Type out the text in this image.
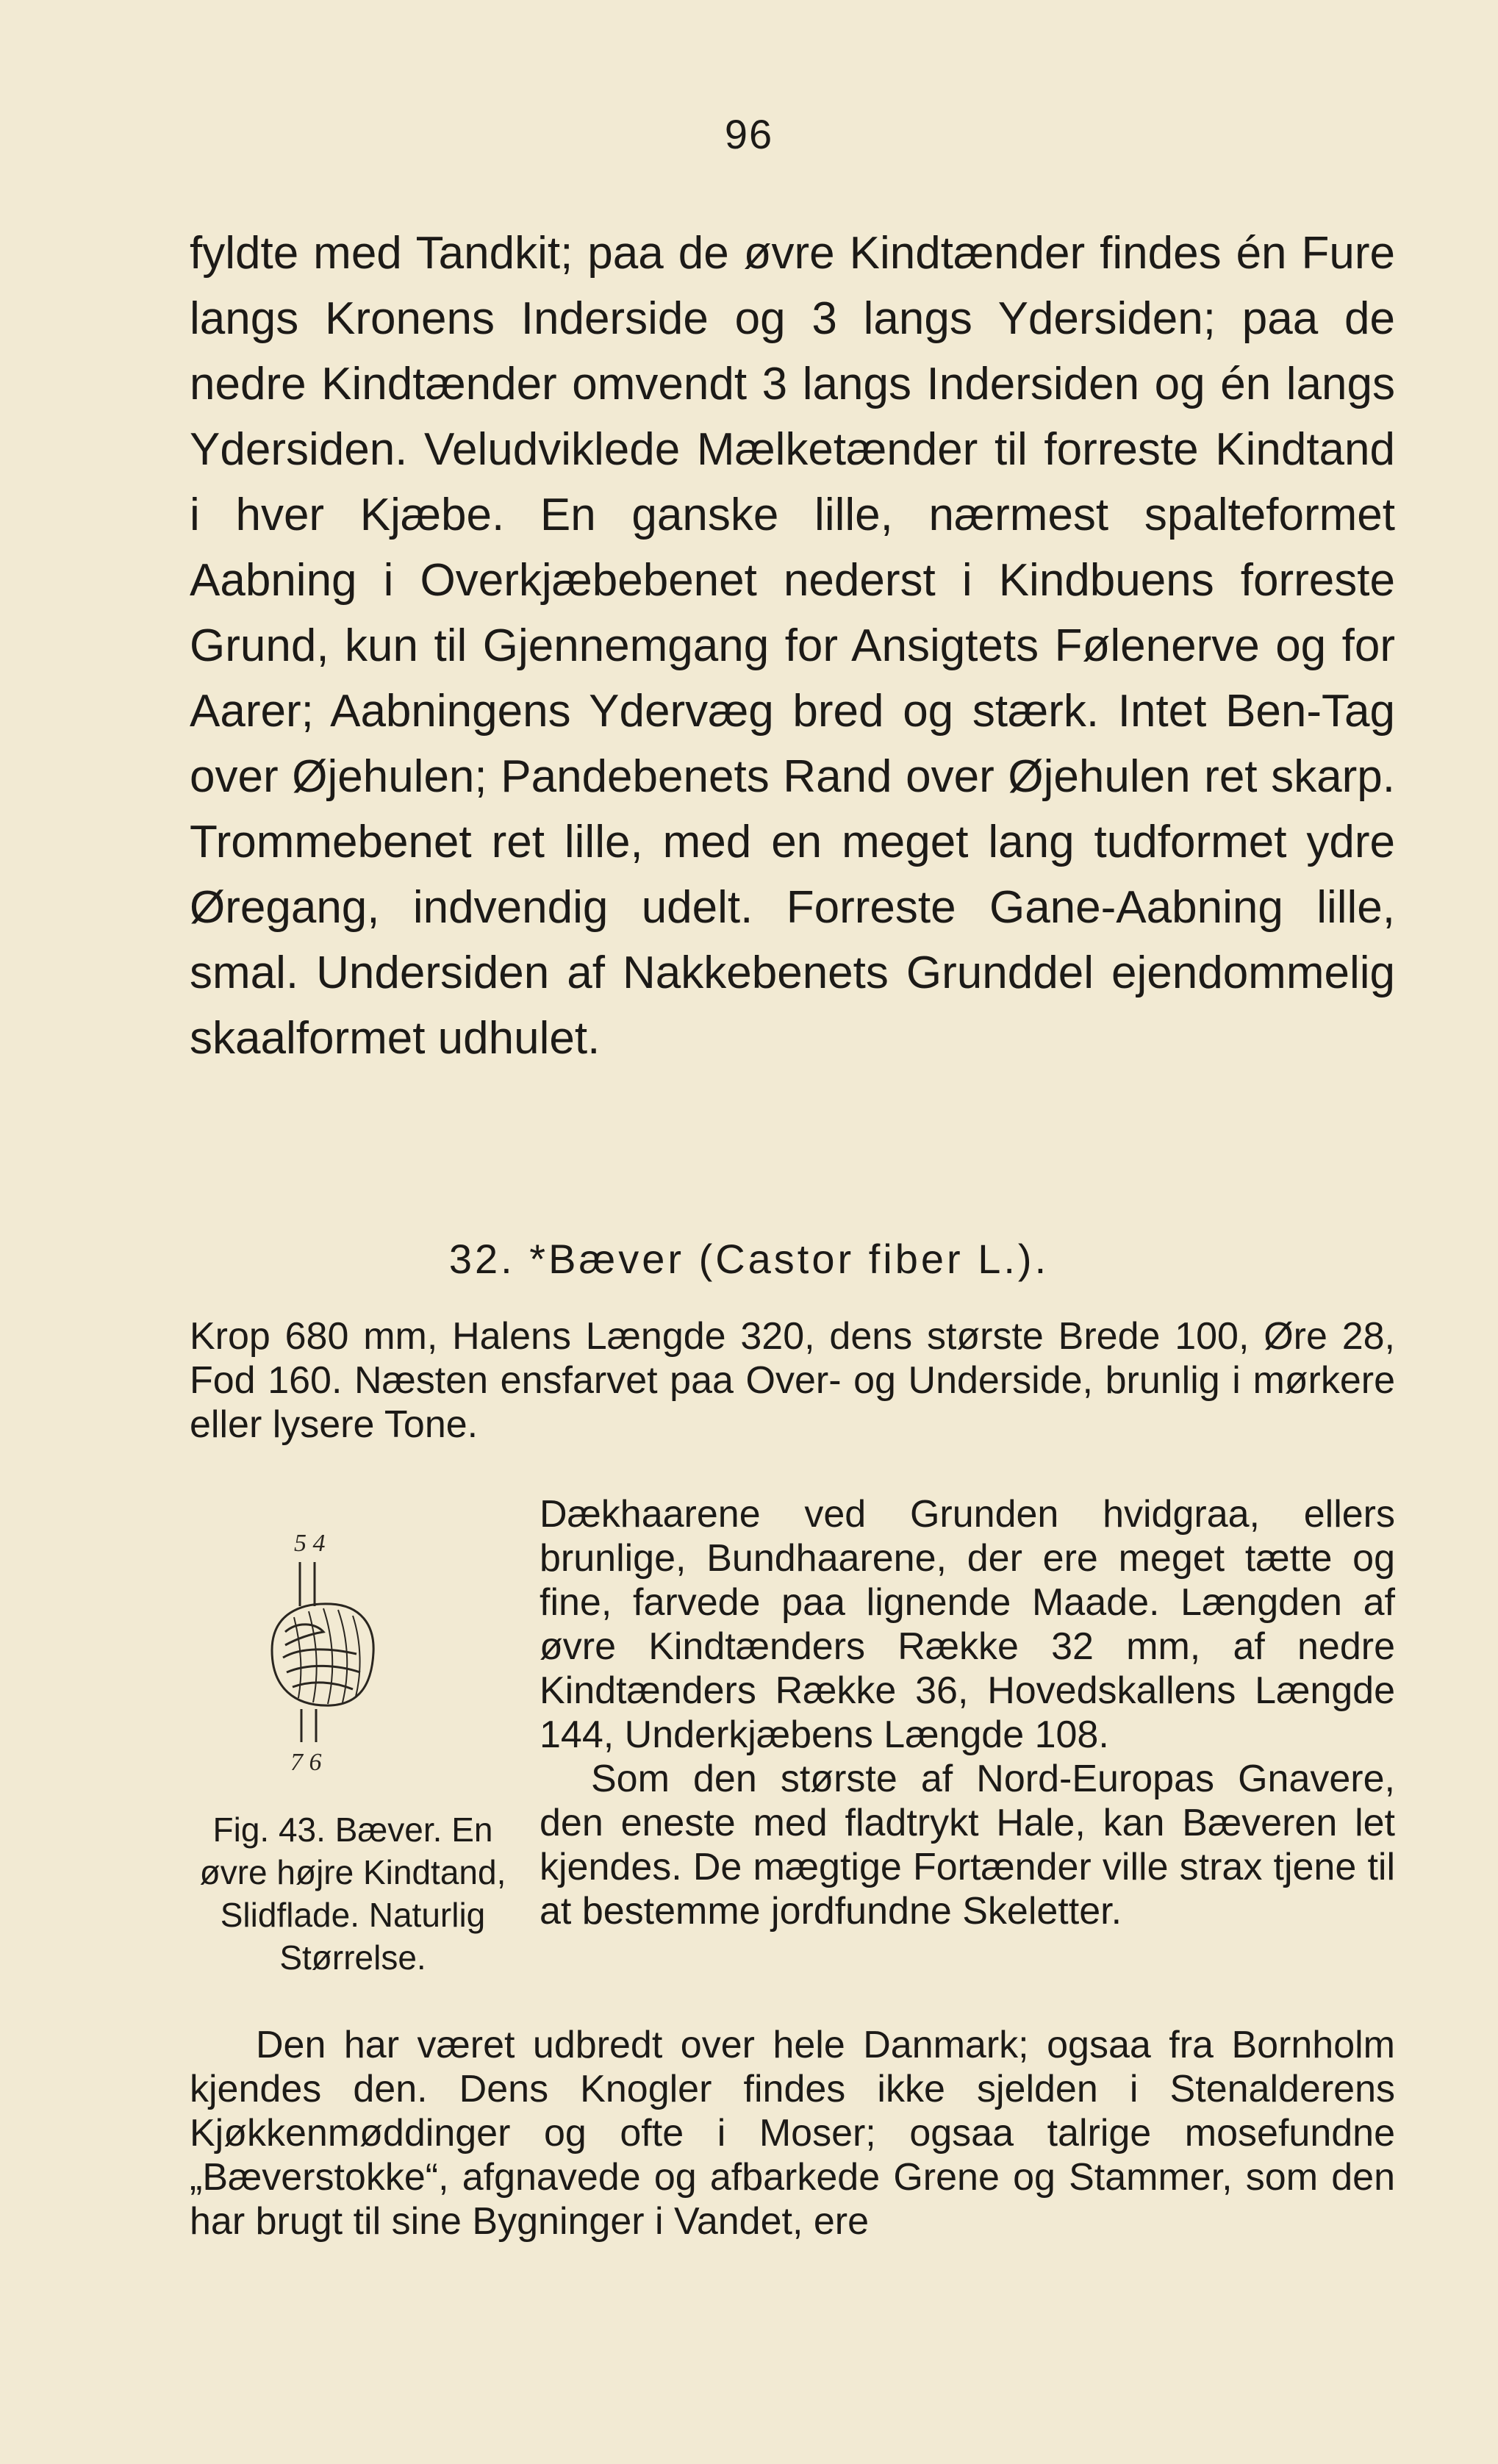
96

fyldte med Tandkit; paa de øvre Kindtænder findes én Fure langs Kronens Inderside og 3 langs Ydersiden; paa de nedre Kindtænder omvendt 3 langs Indersiden og én langs Ydersiden. Veludviklede Mælketænder til forreste Kindtand i hver Kjæbe. En ganske lille, nærmest spalteformet Aabning i Overkjæbebenet nederst i Kindbuens forreste Grund, kun til Gjennemgang for Ansigtets Følenerve og for Aarer; Aabningens Ydervæg bred og stærk. Intet Ben-Tag over Øjehulen; Pandebenets Rand over Øjehulen ret skarp. Trommebenet ret lille, med en meget lang tudformet ydre Øregang, indvendig udelt. Forreste Gane-Aabning lille, smal. Undersiden af Nakkebenets Grunddel ejendommelig skaalformet udhulet.

32. *Bæver (Castor fiber L.).

Krop 680 mm, Halens Længde 320, dens største Brede 100, Øre 28, Fod 160. Næsten ensfarvet paa Over- og Underside, brunlig i mørkere eller lysere Tone.

5 4
7 6

Dækhaarene ved Grunden hvidgraa, ellers brunlige, Bundhaarene, der ere meget tætte og fine, farvede paa lignende Maade. Længden af øvre Kindtænders Række 32 mm, af nedre Kindtænders Række 36, Hovedskallens Længde 144, Underkjæbens Længde 108.

Som den største af Nord-Europas Gnavere, den eneste med fladtrykt Hale, kan Bæveren let kjendes. De mægtige Fortænder ville strax tjene til at bestemme jordfundne Skeletter.

Fig. 43. Bæver. En øvre højre Kindtand, Slidflade. Naturlig Størrelse.

Den har været udbredt over hele Danmark; ogsaa fra Bornholm kjendes den. Dens Knogler findes ikke sjelden i Stenalderens Kjøkkenmøddinger og ofte i Moser; ogsaa talrige mosefundne „Bæverstokke“, afgnavede og afbarkede Grene og Stammer, som den har brugt til sine Bygninger i Vandet, ere
